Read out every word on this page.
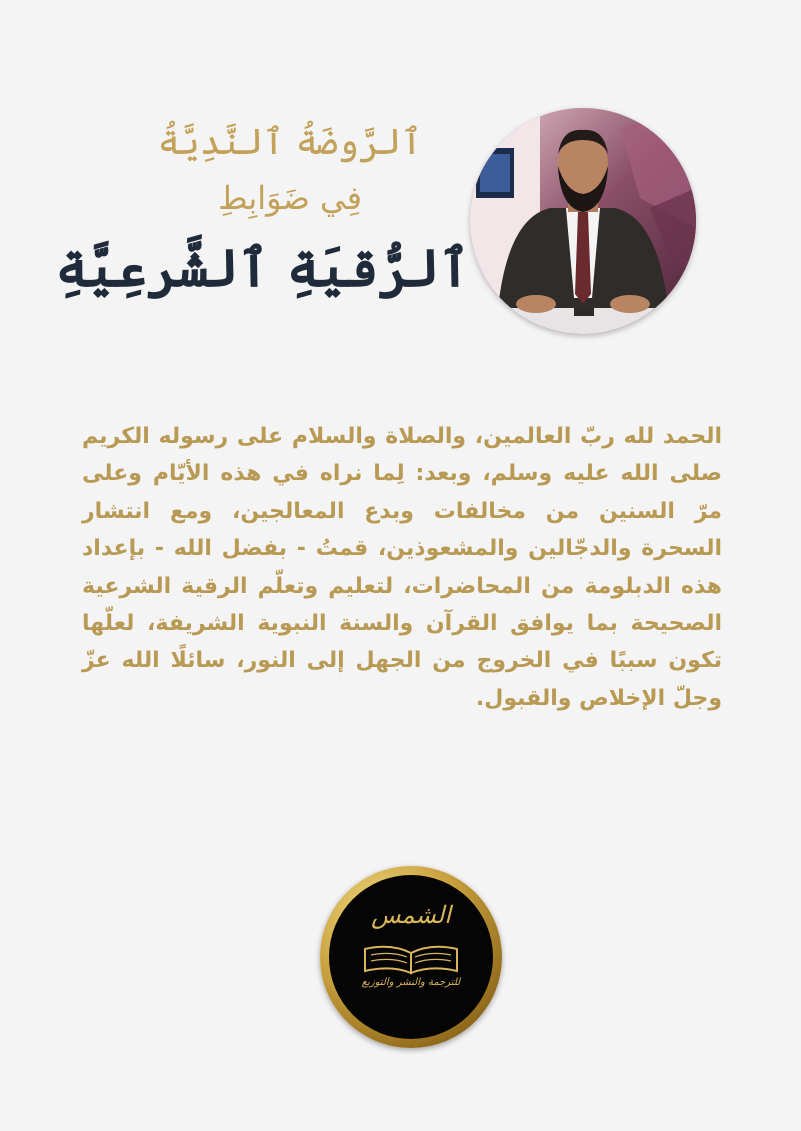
ٱلرَّوضَةُ ٱلنَّدِيَّةُ
فِي ضَوَابِطِ
ٱلرُّقيَةِ ٱلشَّرعِيَّةِ

الحمد لله ربّ العالمين، والصلاة والسلام على رسوله الكريم صلى الله عليه وسلم، وبعد: لِما نراه في هذه الأيّام وعلى مرّ السنين من مخالفات وبدع المعالجين، ومع انتشار السحرة والدجّالين والمشعوذين، قمتُ - بفضل الله - بإعداد هذه الدبلومة من المحاضرات، لتعليم وتعلّم الرقية الشرعية الصحيحة بما يوافق القرآن والسنة النبوية الشريفة، لعلّها تكون سببًا في الخروج من الجهل إلى النور، سائلًا الله عزّ وجلّ الإخلاص والقبول.

الشمس
للترجمة والنشر والتوزيع
